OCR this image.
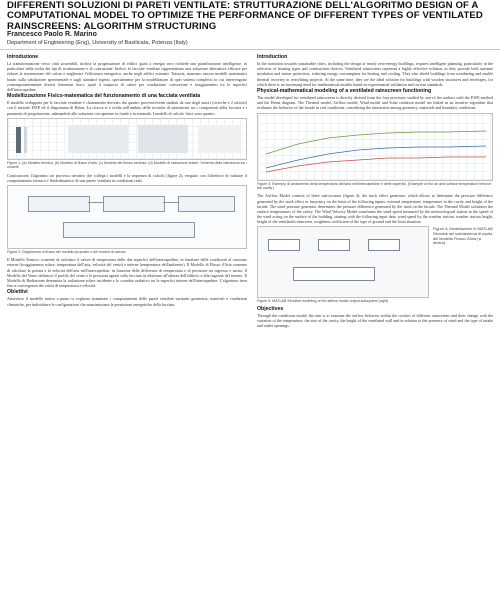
DIFFERENTI SOLUZIONI DI PARETI VENTILATE: STRUTTURAZIONE DELL'ALGORITMO DESIGN OF A COMPUTATIONAL MODEL TO OPTIMIZE THE PERFORMANCE OF DIFFERENT TYPES OF VENTILATED RAINSCREENS: ALGORITHM STRUCTURING
Francesco Paolo R. Marino
Department of Engineering (Eng), University of Basilicata, Potenza (Italy)
Introduzione
La transformazione verso città sostenibili, incluse la progettazione di edifici quasi a energia zero richiede una pianificazione intelligente, in particolare nella scelta dei tipi di strutturazione e di costruzione. Inoltre, le facciate ventilate rappresentano una soluzione alternativa efficace per ridurre la trasmissione del calore e migliorare l'efficienza energetica, anche negli edifici esistenti. Tuttavia, mancano ancora modelli matematici basati sulla validazione sperimentale e sugli standard vigenti, specialmente per la modellazione di quei sistemi complessi in cui intervengono contemporaneamente diversi fenomeni fisici, quali il trasporto di calore per conduzione, convezione e irraggiamento tra le superfici dell'intercapedine.
Modellizzazione Fisico-matematica del funzionamento di una facciata ventilata
Il modello sviluppato per le facciate ventilate è chiaramente derivato dai quattro processi/eventi studiati da uno degli autori (ricerche e 2 articoli) con il metodo EWE ed il diagramma di Heinz. La ricerca si è svolta nell'ambito delle tecniche di interazione tra i componenti della facciata e i parametri di progettazione, adattandole alle soluzioni con aperture in fondo e in sommità. I modelli di calcolo fisici sono quattro.
Figure 1: (a) Modello termico; (b) Modello di flusso d'aria; (c) Modello del flusso ventoso; (d) Modello di radiazione solare. Schema delle interazioni tra i modelli.
Costituiscono l'algoritmo un processo iterativo che collega i modelli e la sequenza di calcolo (figure 2), eseguito con l'obiettivo di valutare il comportamento termico e fluidodinamico di una parete ventilata in condizioni reali.
Figure 2: Diagramma di flusso del modello proposto e dei moduli di calcolo.
Il Modello Termico consente di calcolare il valore di temperatura delle due superfici dell'intercapedine, in funzione delle condizioni al contorno esterne (irraggiamento solare, temperatura dell'aria, velocità del vento) e interne (temperatura dell'ambiente). Il Modello di Flusso d'Aria consente di calcolare la portata e la velocità dell'aria nell'intercapedine, in funzione delle differenze di temperatura e di pressione tra ingresso e uscita. Il Modello del Vento definisce il profilo del vento e le pressioni agenti sulla facciata in relazione all'altezza dell'edificio e alla rugosità del terreno. Il Modello di Radiazione determina la radiazione solare incidente e lo scambio radiativo tra le superfici interne dell'intercapedine. L'algoritmo itera fino a convergenza dei valori di temperatura e velocità.
Obiettivi
Attraverso il modello messo a punto si vogliono esaminare i comportamenti delle pareti ventilate variando geometria, materiali e condizioni climatiche, per individuare le configurazioni che massimizzano le prestazioni energetiche della facciata.
Introduction
In the transition towards sustainable cities, including the design of nearly zero-energy buildings, requires intelligent planning, particularly in the selection of housing types and construction choices. Ventilated rainscreens represent a highly effective solution, as they provide both summer insulation and winter protection, reducing energy consumption for heating and cooling. They also shield buildings from weathering and enable thermal recovery in retrofitting projects. At the same time, they are the ideal solution for buildings with wooden structures and envelopes, for which there is an increasing need for mathematical models based on experimental validation and current standards.
Physical-mathematical modeling of a ventilated rainscreen functioning
The model developed for ventilated rainscreens is directly derived from the four processes studied by one of the authors with the EWE method and the Heinz diagram. The Thermal model, Airflow model, Wind model and Solar radiation model are linked in an iterative algorithm that evaluates the behavior of the facade in real conditions, considering the interaction among geometry, materials and boundary conditions.
Figure 3: Esempio di andamento della temperatura dell'aria nell'intercapedine e delle superfici. (Example of the air and surface temperature trend in the cavity.)
The Airflow Model consists of three sub-systems (figure 4): the stack effect generator, which allows to determine the pressure difference generated by the stack effect or buoyancy on the basis of the following inputs: external temperature, temperature in the cavity and height of the facade. The wind pressure generator determines the pressure difference generated by the wind on the facade. The Thermal Model calculates the surface temperatures of the cavity. The Wind Velocity Model transforms the wind speed measured by the meteorological station in the speed of the wind acting on the surface of the building, starting with the following input data: wind speed by the weather station, weather station height, height of the ventilated rainscreen, roughness coefficient of the type of ground and the local situation.
Figure 4: Modellazione in MATLAB Simulink del sottosistema di uscita del Modello Flusso d'Aria (a destra)
Figure 5: MATLAB Simulink modeling of the airflow model output subsystem (right)
Objectives
Through the conditions model, the aim is to examine the airflow behavior within the cavities of different rainscreens and their change with the variation of the temperature, the size of the cavity, the height of the ventilated wall and in relation to the presence of wind and the type of intake and outlet openings.
